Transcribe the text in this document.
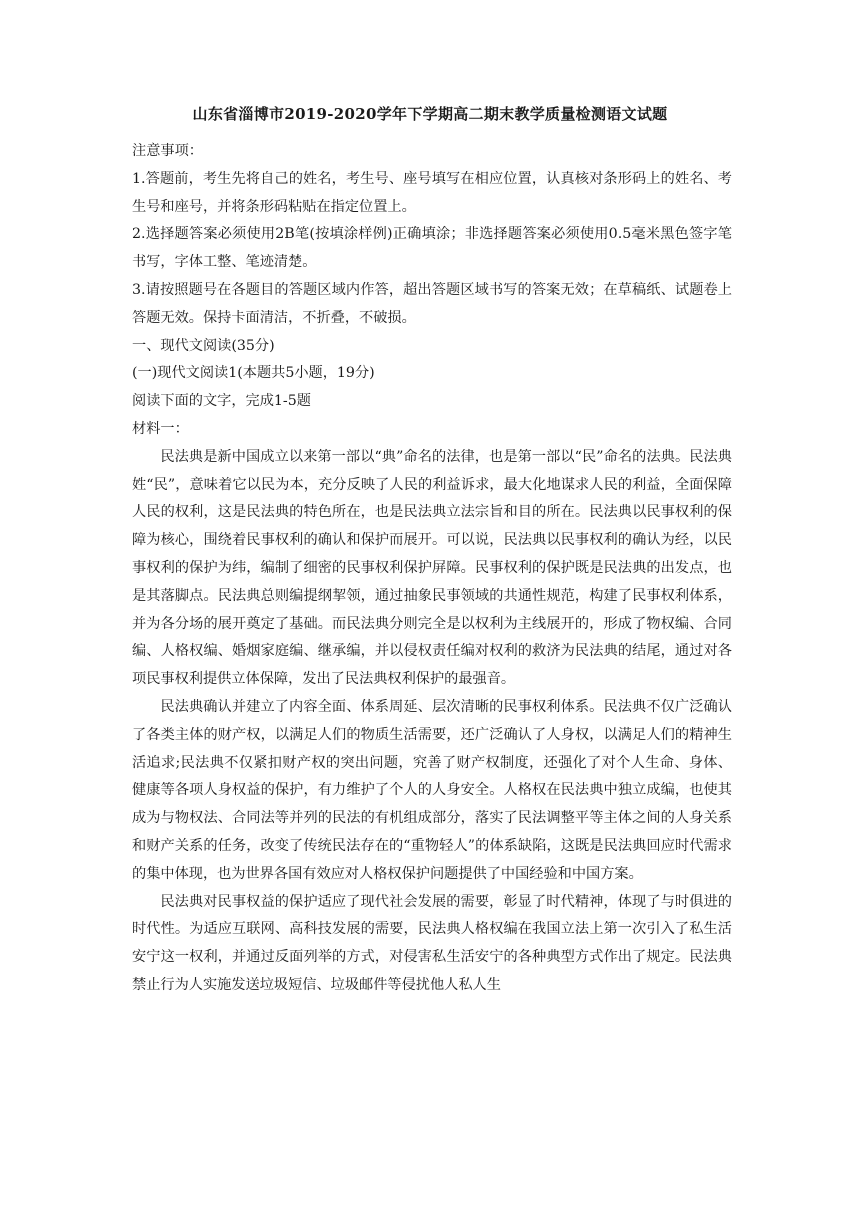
山东省淄博市2019-2020学年下学期高二期末教学质量检测语文试题

注意事项：

1.答题前，考生先将自己的姓名，考生号、座号填写在相应位置，认真核对条形码上的姓名、考生号和座号，并将条形码粘贴在指定位置上。

2.选择题答案必须使用2B笔(按填涂样例)正确填涂；非选择题答案必须使用0.5毫米黑色签字笔书写，字体工整、笔迹清楚。

3.请按照题号在各题目的答题区域内作答，超出答题区域书写的答案无效；在草稿纸、试题卷上答题无效。保持卡面清洁，不折叠，不破损。

一、现代文阅读(35分)

(一)现代文阅读1(本题共5小题，19分)

阅读下面的文字，完成1-5题

材料一：

民法典是新中国成立以来第一部以“典”命名的法律，也是第一部以“民”命名的法典。民法典姓“民”，意味着它以民为本，充分反映了人民的利益诉求，最大化地谋求人民的利益，全面保障人民的权利，这是民法典的特色所在，也是民法典立法宗旨和目的所在。民法典以民事权利的保障为核心，围绕着民事权利的确认和保护而展开。可以说，民法典以民事权利的确认为经，以民事权利的保护为纬，编制了细密的民事权利保护屏障。民事权利的保护既是民法典的出发点，也是其落脚点。民法典总则编提纲挈领，通过抽象民事领域的共通性规范，构建了民事权利体系，并为各分场的展开奠定了基础。而民法典分则完全是以权利为主线展开的，形成了物权编、合同编、人格权编、婚烟家庭编、继承编，并以侵权责任编对权利的救济为民法典的结尾，通过对各项民事权利提供立体保障，发出了民法典权利保护的最强音。

民法典确认并建立了内容全面、体系周延、层次清晰的民事权利体系。民法典不仅广泛确认了各类主体的财产权，以满足人们的物质生活需要，还广泛确认了人身权，以满足人们的精神生活追求;民法典不仅紧扣财产权的突出问题，究善了财产权制度，还强化了对个人生命、身体、健康等各项人身权益的保护，有力维护了个人的人身安全。人格权在民法典中独立成编，也使其成为与物权法、合同法等并列的民法的有机组成部分，落实了民法调整平等主体之间的人身关系和财产关系的任务，改变了传统民法存在的“重物轻人”的体系缺陷，这既是民法典回应时代需求的集中体现，也为世界各国有效应对人格权保护问题提供了中国经验和中国方案。

民法典对民事权益的保护适应了现代社会发展的需要，彰显了时代精神，体现了与时俱进的时代性。为适应互联网、高科技发展的需要，民法典人格权编在我国立法上第一次引入了私生活安宁这一权利，并通过反面列举的方式，对侵害私生活安宁的各种典型方式作出了规定。民法典禁止行为人实施发送垃圾短信、垃圾邮件等侵扰他人私人生
